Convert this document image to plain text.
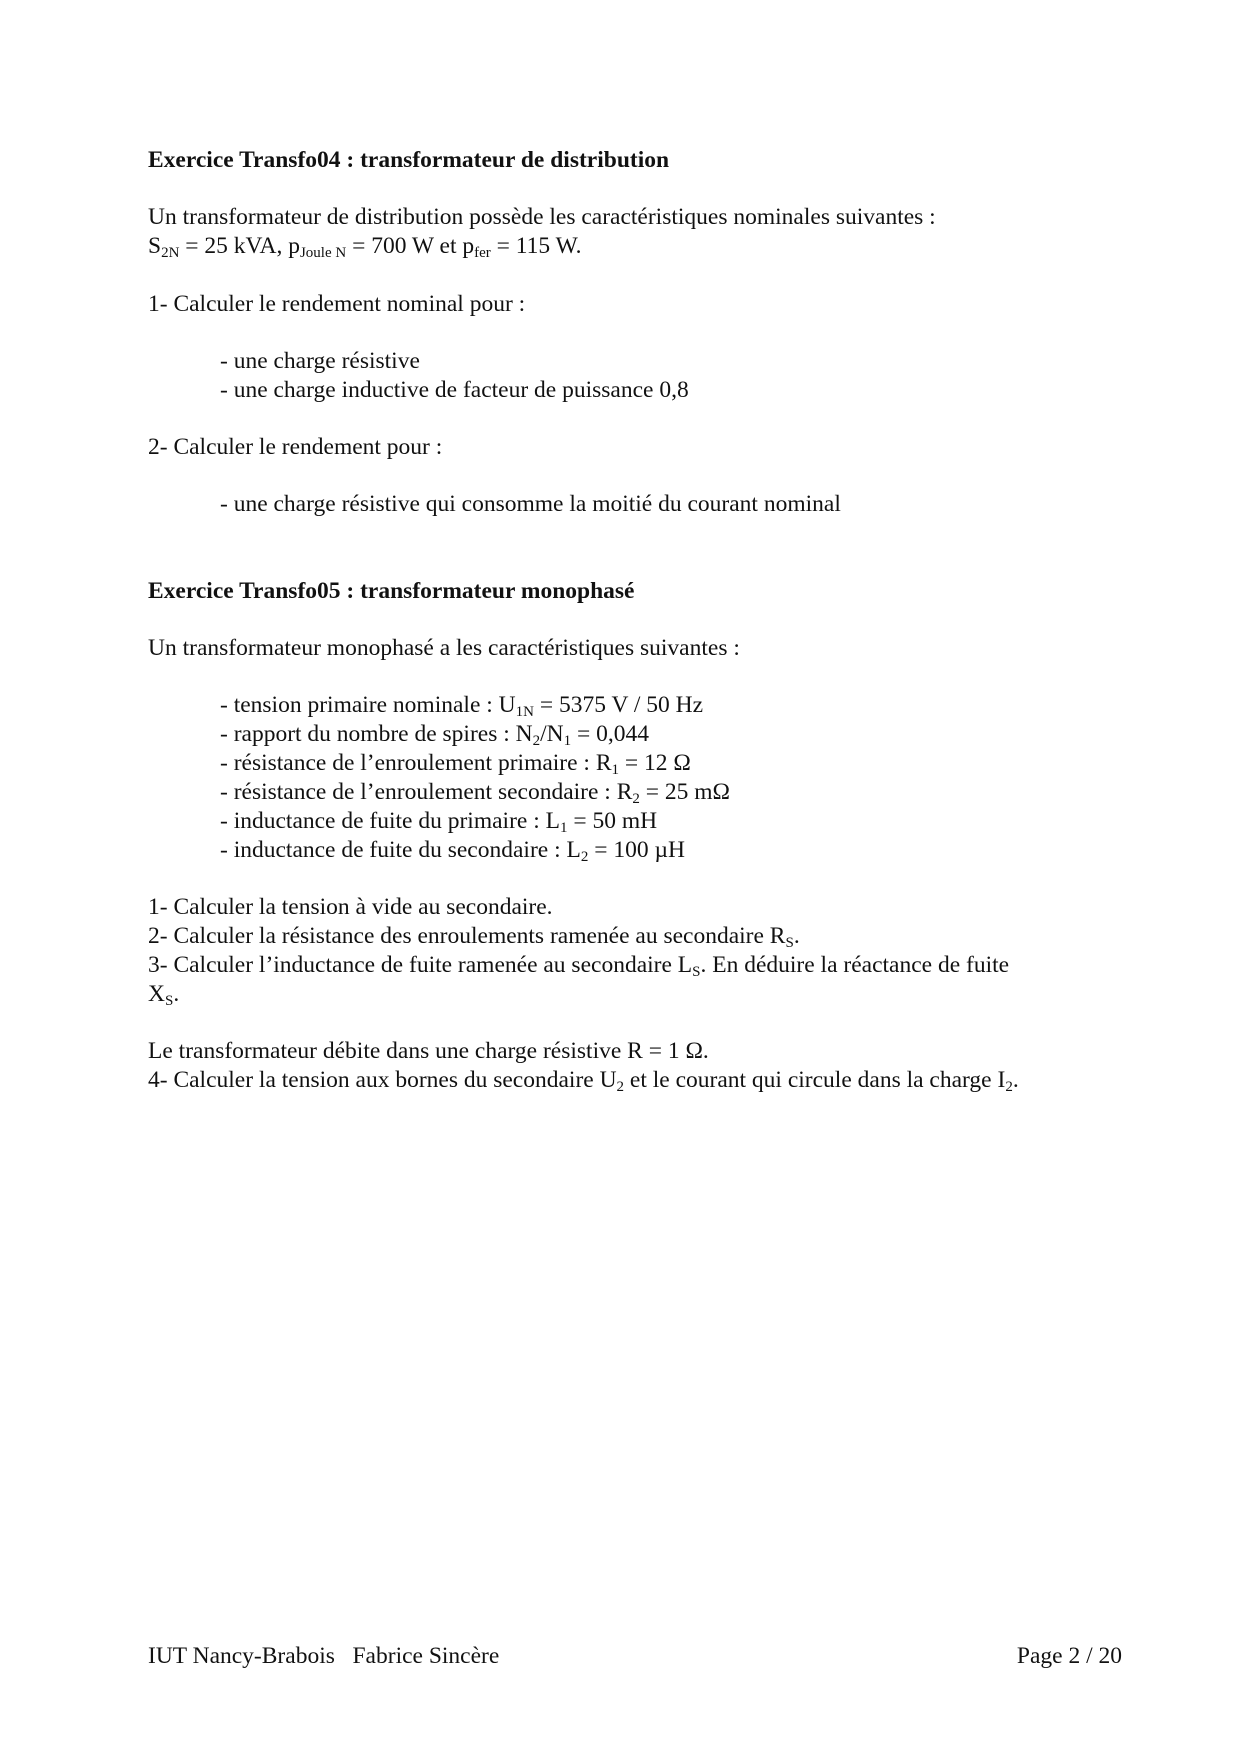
Exercice Transfo04 : transformateur de distribution
Un transformateur de distribution possède les caractéristiques nominales suivantes :
$S_{2N} = 25$ kVA, $p_{Joule N} = 700$ W et $p_{fer} = 115$ W.
1- Calculer le rendement nominal pour :
- une charge résistive
- une charge inductive de facteur de puissance 0,8
2- Calculer le rendement pour :
- une charge résistive qui consomme la moitié du courant nominal
Exercice Transfo05 : transformateur monophasé
Un transformateur monophasé a les caractéristiques suivantes :
- tension primaire nominale : $U_{1N} = 5375$ V / 50 Hz
- rapport du nombre de spires : $N_2/N_1 = 0,044$
- résistance de l’enroulement primaire : $R_1 = 12$ Ω
- résistance de l’enroulement secondaire : $R_2 = 25$ mΩ
- inductance de fuite du primaire : $L_1 = 50$ mH
- inductance de fuite du secondaire : $L_2 = 100$ µH
1- Calculer la tension à vide au secondaire.
2- Calculer la résistance des enroulements ramenée au secondaire $R_S$.
3- Calculer l’inductance de fuite ramenée au secondaire $L_S$. En déduire la réactance de fuite
$X_S$.
Le transformateur débite dans une charge résistive R = 1 Ω.
4- Calculer la tension aux bornes du secondaire $U_2$ et le courant qui circule dans la charge $I_2$.
IUT Nancy-Brabois   Fabrice Sincère	Page 2 / 20
